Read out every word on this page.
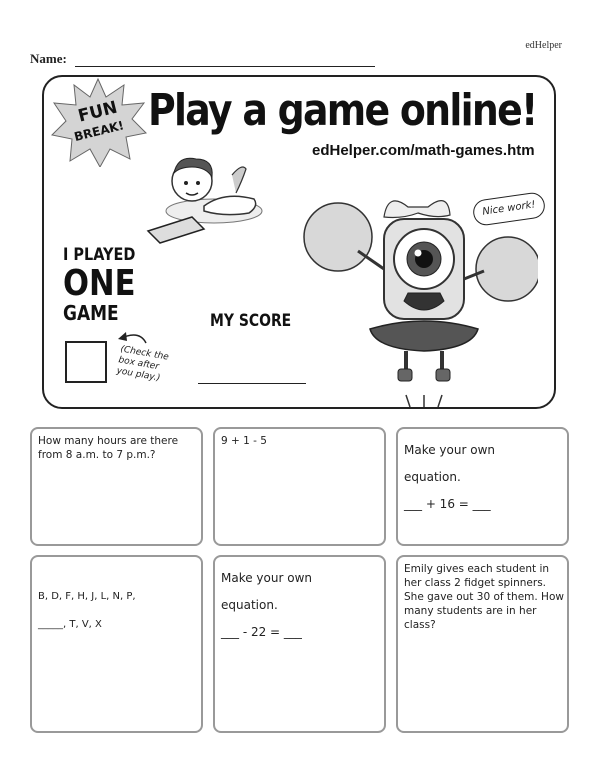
edHelper
Name:
FUN
BREAK! Play a game online!
edHelper.com/math-games.htm
Nice work!
I PLAYED
ONE
GAME
(Check the box after you play.)
MY SCORE
How many hours are there from 8 a.m. to 7 p.m.?
9 + 1 - 5
Make your own
equation.
___ + 16 = ___
B, D, F, H, J, L, N, P,
_____, T, V, X
Make your own
equation.
___ - 22 = ___
Emily gives each student in her class 2 fidget spinners. She gave out 30 of them. How many students are in her class?
